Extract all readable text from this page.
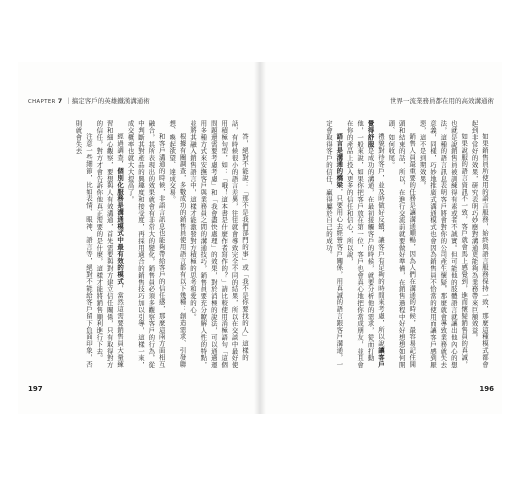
CHAPTER 7 ｜搞定客戶的英雄鐵漢溝通術

答，絕對不能說：「那不是我們部門的事」或「我不是你要找的人」這樣的話，有時候很小的語言差異，往往就會導致完全不同的結果，所以在交談中最好使用積極句型，如：「哦！這本書是什麼作者寫作的？」請比較使用消極語句「這個問題還需要考慮考慮」和「我會盡快處理」的效果，對於消極的說法，可以通過運用多種方式來安撫客戶與業務員之間的溝通技巧，銷售員要充分瞭解人性的特點，並將其融入銷售語言中，這樣才能激發對方積極的思考和愛的心。

根據有關調查，多數成功的銷售員使用語言都有以下幾種：創造需求、引發聯想、喚起欲望、達成交易。

和客戶溝通的時候，非語言訊息也能夠帶給客戶的信任感，那麼這兩方面相互融合，其所表現出的效果就會有非常大的變化，銷售員必須多觀察客戶的行為，從中判斷其對產品的興趣度和接受度，再採用適合的銷售技巧加以引導，這樣一來，成交概率也就大大提高了。

經過調查，個別化服務是溝通模式中最有效的模式，當然這需要銷售員大量練習和細心觀察，要想與人有效溝通，首先需要與對方建立信任關係，只有取得對方的信任，對方才會告訴你他真正需要的是什麼，這樣才能將銷售順利進行下去。

注意一些細節，比如表情、眼神、語言等，絕對不能給客戶留下負面印象，否則就會失去

197
世界一流業務員都在用的高效溝通術

如果銷售員所使用的語言服務，始終與語言服務保持一致，那麼這種模式都會起到非常好的效果，研究表明巧妙應對溝通更能夠為業務帶來巨額效益。

如果說服的語言資訊不一致，客戶就會馬上感覺到，進而懷疑銷售員的真誠，也就是說銷售員被訓練得有素或者不誠實。但可能他的肢體語言就讓出他內心的想法，這種的語言訊息表明客戶將會對你的公司產生懷疑，那麼就會導致業務就失去意義，同樣，巧妙地推廣式溝通模式也會因為銷售員不恰當的使用而讓客戶感到厭惡，這不是到期效果。

銷售人員最重要的任務是讓溝通順暢，因為人們在溝通的時候，最容易記住開頭和結束的話，所以，在進行交流前就要做好準備，在銷售過程中好好想想如何開頭、如何收尾。

禮貌對待客戶，並及時做好反饋，讓客戶有足夠的時間來考慮，所以說讓客戶覺得舒服是成功的溝通，在最初接觸客戶的時候，就要分析他的需求，從而打動他，一般來說，如果你把客戶放在第一位，客戶也會真心地把你當成朋友，並且會在你的產品上投入更多的信任和信心，所以說，

語言是溝通的橋梁，只要用心去經營客戶關係，用真誠的語言跟客戶溝通，一定會取得客戶的信任，贏得屬於自己的成功。

196
